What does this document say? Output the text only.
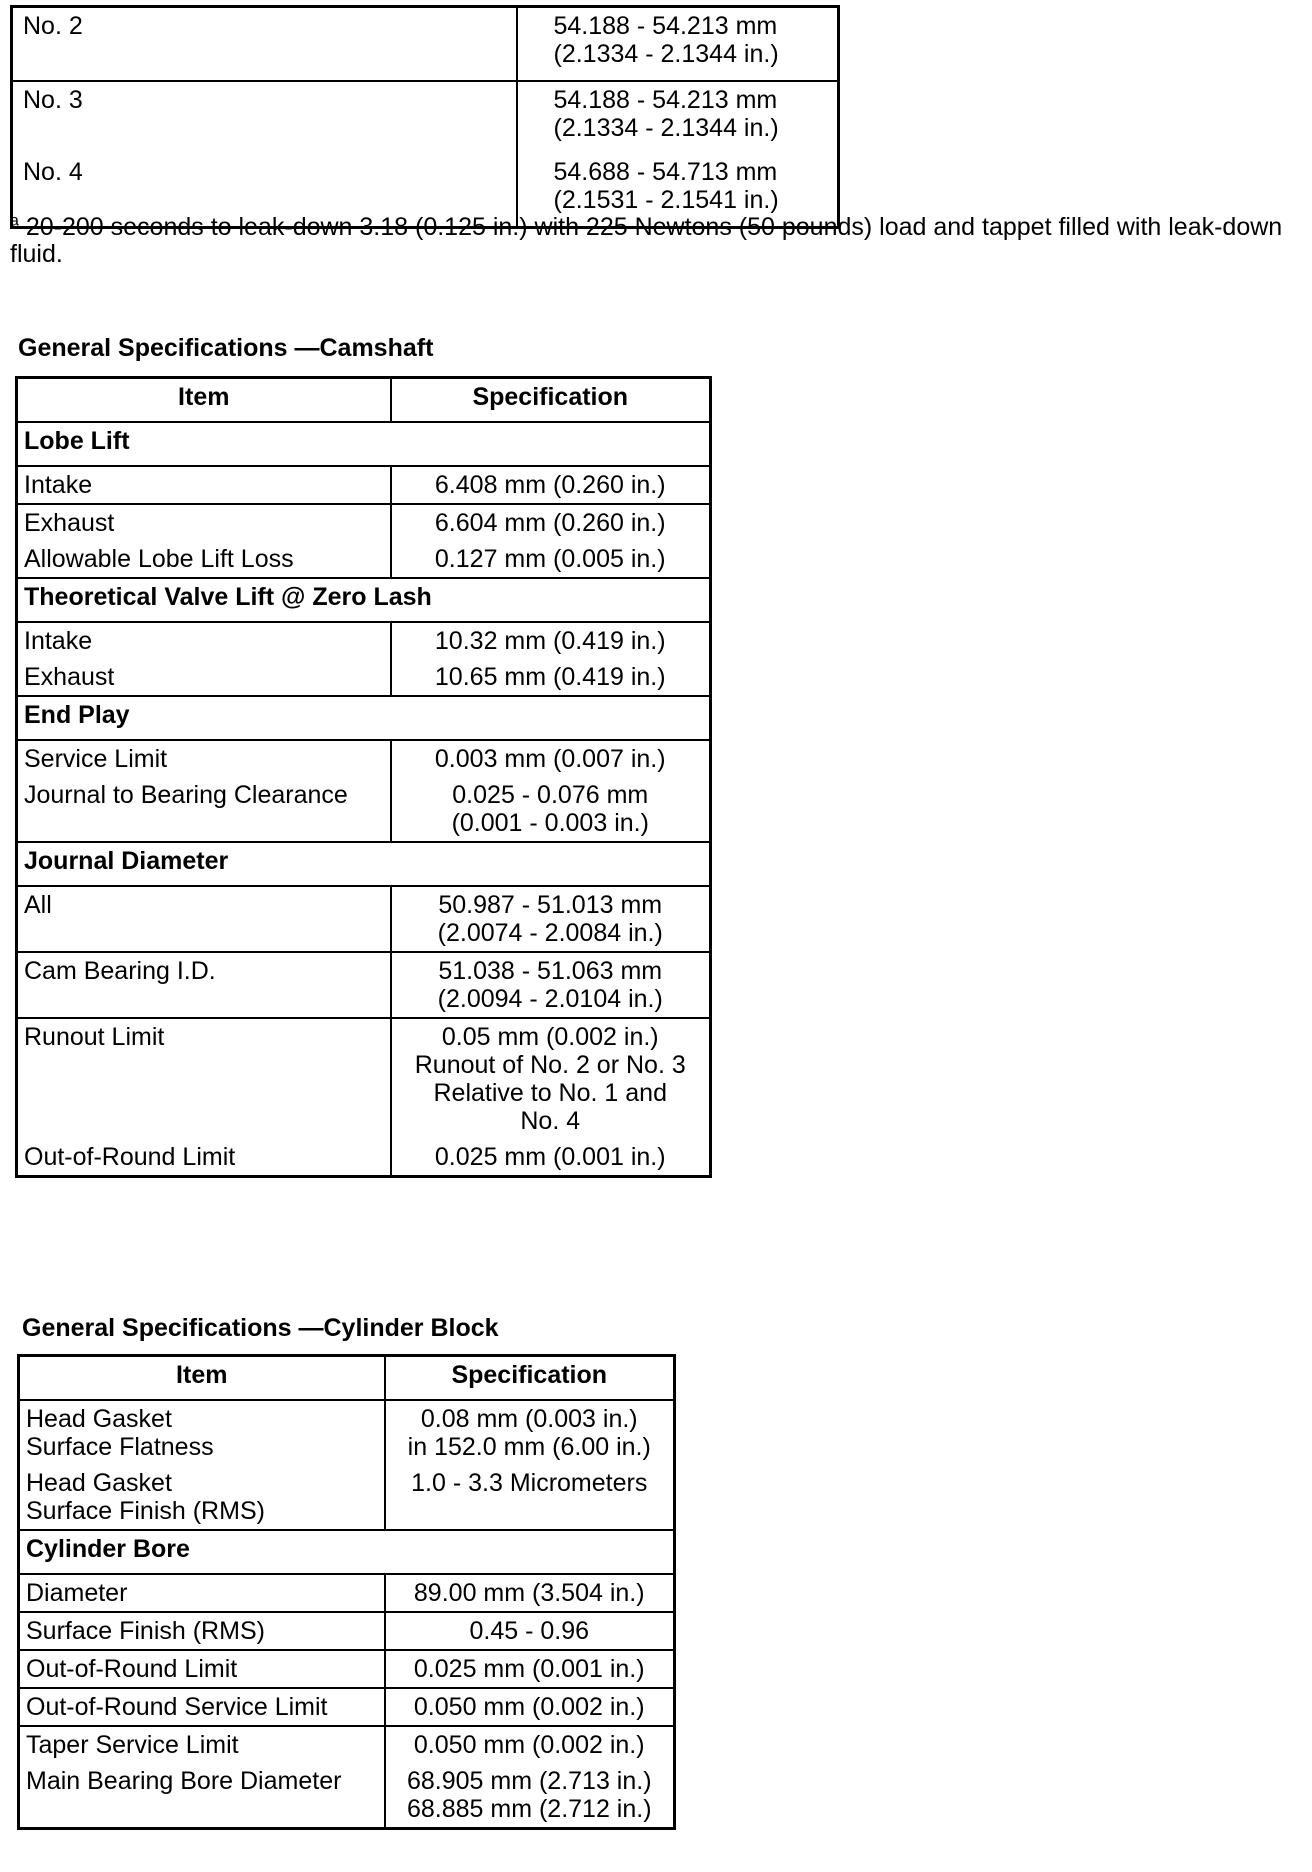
No. 2	54.188 - 54.213 mm
(2.1334 - 2.1344 in.)

No. 3	54.188 - 54.213 mm
(2.1334 - 2.1344 in.)

No. 4	54.688 - 54.713 mm
(2.1531 - 2.1541 in.)
$^a$ 20-200 seconds to leak-down 3.18 (0.125 in.) with 225 Newtons (50 pounds) load and tappet filled with leak-down fluid.
General Specifications —Camshaft
Item	Specification
Lobe Lift	
Intake	6.408 mm (0.260 in.)
Exhaust	6.604 mm (0.260 in.)
Allowable Lobe Lift Loss	0.127 mm (0.005 in.)
Theoretical Valve Lift @ Zero Lash	
Intake	10.32 mm (0.419 in.)
Exhaust	10.65 mm (0.419 in.)
End Play	
Service Limit	0.003 mm (0.007 in.)
Journal to Bearing Clearance	0.025 - 0.076 mm
(0.001 - 0.003 in.)

Journal Diameter	
All	50.987 - 51.013 mm
(2.0074 - 2.0084 in.)

Cam Bearing I.D.	51.038 - 51.063 mm
(2.0094 - 2.0104 in.)

Runout Limit	0.05 mm (0.002 in.)
Runout of No. 2 or No. 3
Relative to No. 1 and
No. 4

Out-of-Round Limit	0.025 mm (0.001 in.)
General Specifications —Cylinder Block
Item	Specification

Head Gasket
Surface Flatness	0.08 mm (0.003 in.)
in 152.0 mm (6.00 in.)

Head Gasket
Surface Finish (RMS)	1.0 - 3.3 Micrometers
Cylinder Bore	
Diameter	89.00 mm (3.504 in.)
Surface Finish (RMS)	0.45 - 0.96
Out-of-Round Limit	0.025 mm (0.001 in.)
Out-of-Round Service Limit	0.050 mm (0.002 in.)
Taper Service Limit	0.050 mm (0.002 in.)
Main Bearing Bore Diameter	68.905 mm (2.713 in.)
68.885 mm (2.712 in.)
